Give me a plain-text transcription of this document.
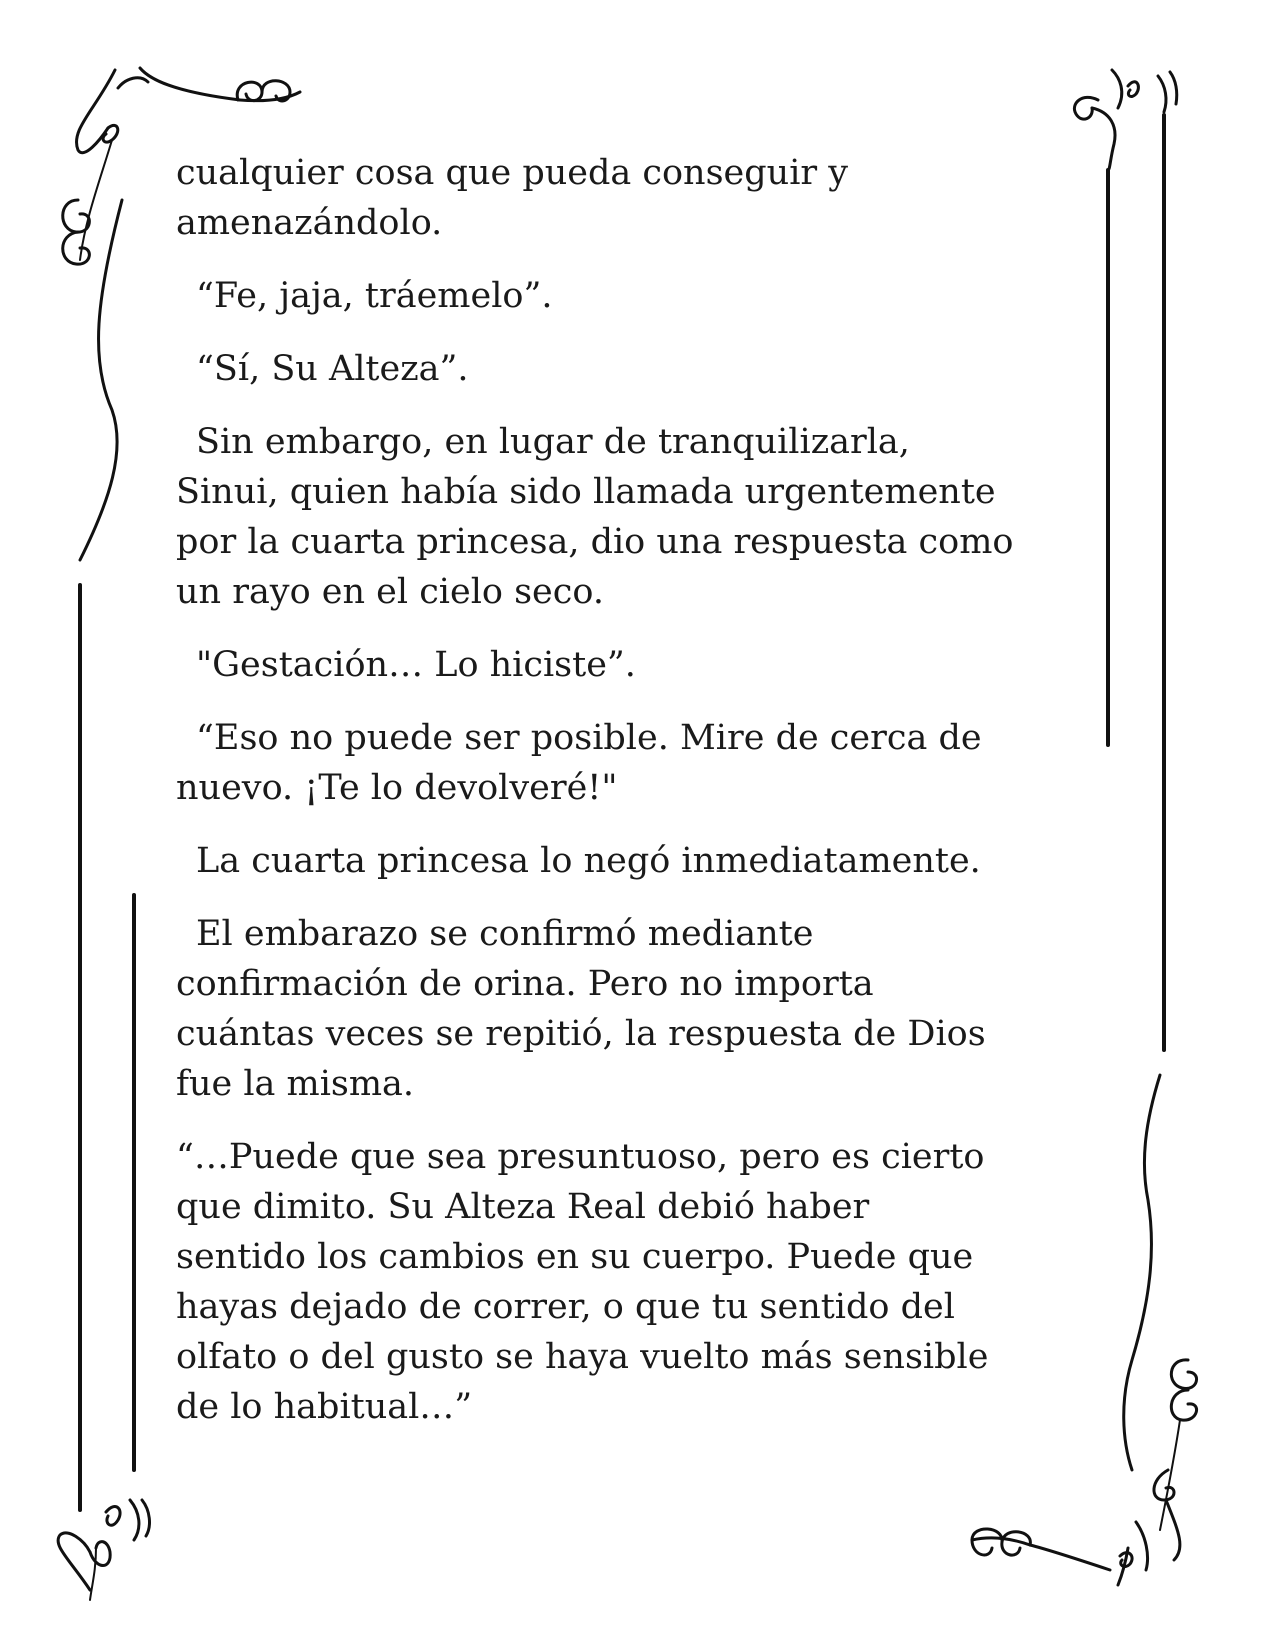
cualquier cosa que pueda conseguir y
amenazándolo.

“Fe, jaja, tráemelo”.

“Sí, Su Alteza”.

Sin embargo, en lugar de tranquilizarla,
Sinui, quien había sido llamada urgentemente
por la cuarta princesa, dio una respuesta como
un rayo en el cielo seco.

"Gestación… Lo hiciste”.

“Eso no puede ser posible. Mire de cerca de
nuevo. ¡Te lo devolveré!"

La cuarta princesa lo negó inmediatamente.

El embarazo se confirmó mediante
confirmación de orina. Pero no importa
cuántas veces se repitió, la respuesta de Dios
fue la misma.

“…Puede que sea presuntuoso, pero es cierto
que dimito. Su Alteza Real debió haber
sentido los cambios en su cuerpo. Puede que
hayas dejado de correr, o que tu sentido del
olfato o del gusto se haya vuelto más sensible
de lo habitual…”
